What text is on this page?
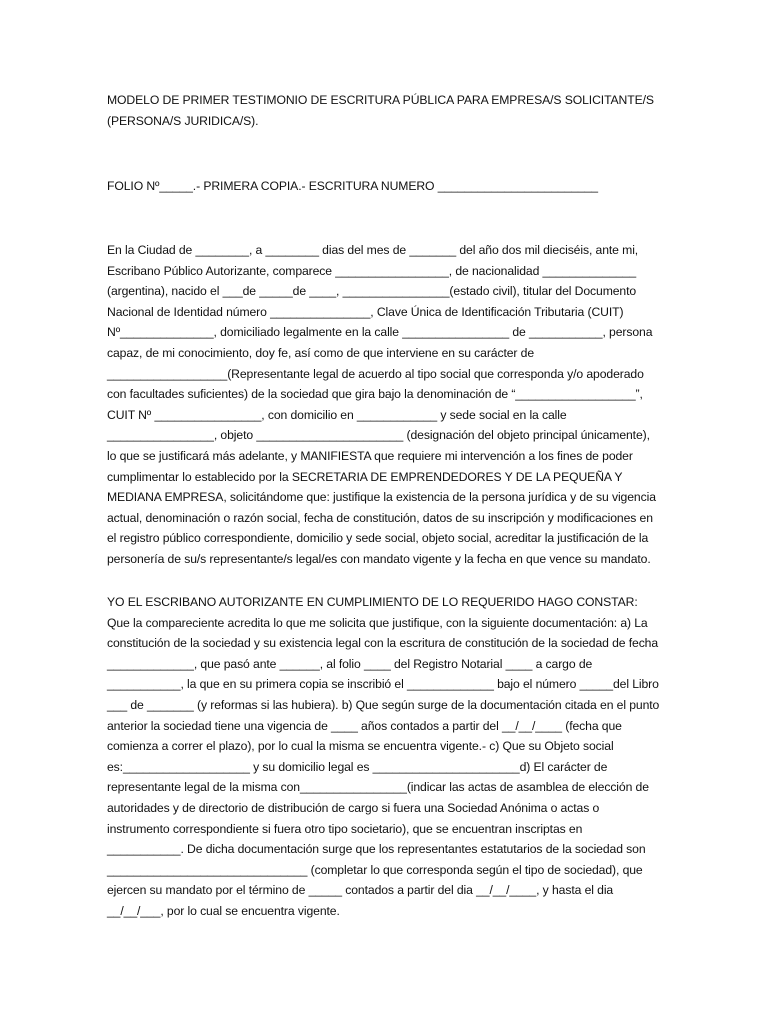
MODELO DE PRIMER TESTIMONIO DE ESCRITURA PÚBLICA PARA EMPRESA/S SOLICITANTE/S (PERSONA/S JURIDICA/S).

FOLIO Nº_____.- PRIMERA COPIA.- ESCRITURA NUMERO ________________________

En la Ciudad de ________, a ________ dias del mes de _______ del año dos mil dieciséis, ante mi, Escribano Público Autorizante, comparece _________________, de nacionalidad ______________ (argentina), nacido el ___de _____de ____, ________________(estado civil), titular del Documento Nacional de Identidad número _______________, Clave Única de Identificación Tributaria (CUIT) Nº______________, domiciliado legalmente en la calle ________________ de ___________, persona capaz, de mi conocimiento, doy fe, así como de que interviene en su carácter de __________________(Representante legal de acuerdo al tipo social que corresponda y/o apoderado con facultades suficientes) de la sociedad que gira bajo la denominación de “__________________”, CUIT Nº ________________, con domicilio en ____________ y sede social en la calle ________________, objeto ______________________ (designación del objeto principal únicamente), lo que se justificará más adelante, y MANIFIESTA que requiere mi intervención a los fines de poder cumplimentar lo establecido por la SECRETARIA DE EMPRENDEDORES Y DE LA PEQUEÑA Y MEDIANA EMPRESA, solicitándome que: justifique la existencia de la persona jurídica y de su vigencia actual, denominación o razón social, fecha de constitución, datos de su inscripción y modificaciones en el registro público correspondiente, domicilio y sede social, objeto social, acreditar la justificación de la personería de su/s representante/s legal/es con mandato vigente y la fecha en que vence su mandato.

YO EL ESCRIBANO AUTORIZANTE EN CUMPLIMIENTO DE LO REQUERIDO HAGO CONSTAR: Que la compareciente acredita lo que me solicita que justifique, con la siguiente documentación: a) La constitución de la sociedad y su existencia legal con la escritura de constitución de la sociedad de fecha _____________, que pasó ante ______, al folio ____ del Registro Notarial ____ a cargo de ___________, la que en su primera copia se inscribió el _____________ bajo el número _____del Libro ___ de _______ (y reformas si las hubiera). b) Que según surge de la documentación citada en el punto anterior la sociedad tiene una vigencia de ____ años contados a partir del __/__/____ (fecha que comienza a correr el plazo), por lo cual la misma se encuentra vigente.- c) Que su Objeto social es:___________________ y su domicilio legal es ______________________d) El carácter de representante legal de la misma con________________(indicar las actas de asamblea de elección de autoridades y de directorio de distribución de cargo si fuera una Sociedad Anónima o actas o instrumento correspondiente si fuera otro tipo societario), que se encuentran inscriptas en ___________. De dicha documentación surge que los representantes estatutarios de la sociedad son ______________________________ (completar lo que corresponda según el tipo de sociedad), que ejercen su mandato por el término de _____ contados a partir del dia __/__/____, y hasta el dia __/__/___, por lo cual se encuentra vigente.
